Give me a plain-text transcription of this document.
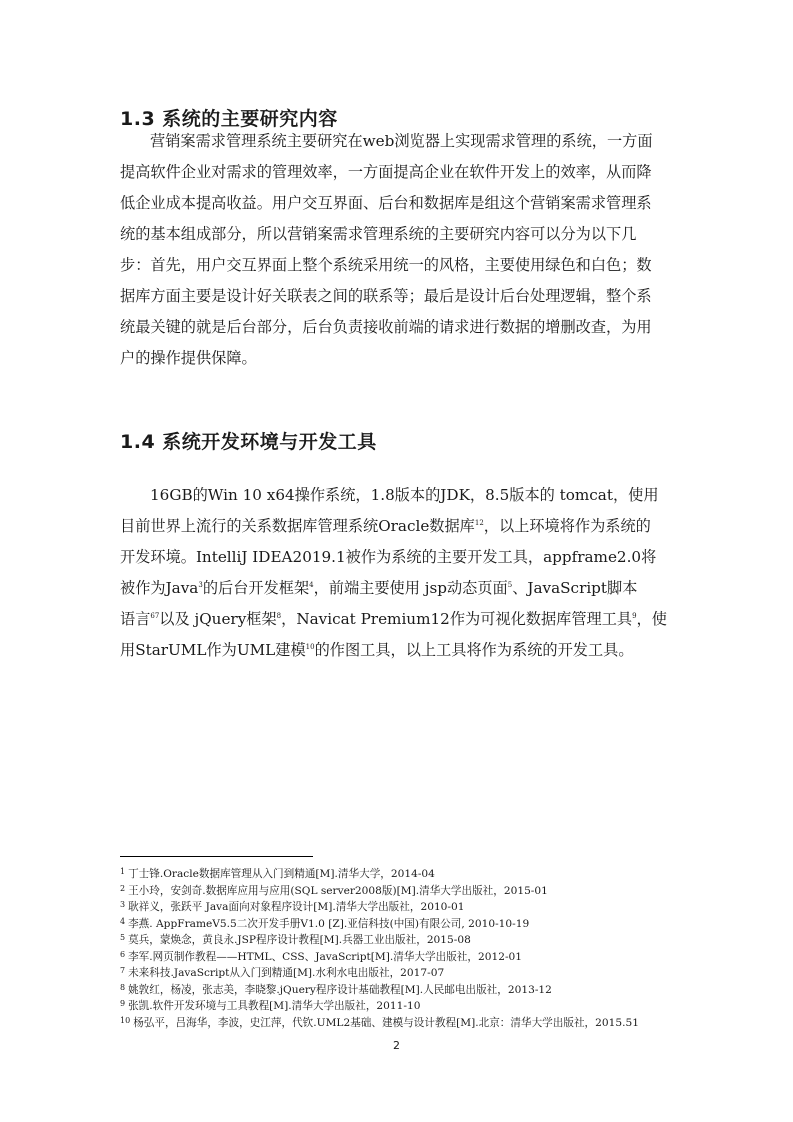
1.3 系统的主要研究内容
营销案需求管理系统主要研究在web浏览器上实现需求管理的系统，一方面
提高软件企业对需求的管理效率，一方面提高企业在软件开发上的效率，从而降
低企业成本提高收益。用户交互界面、后台和数据库是组这个营销案需求管理系
统的基本组成部分，所以营销案需求管理系统的主要研究内容可以分为以下几
步：首先，用户交互界面上整个系统采用统一的风格，主要使用绿色和白色；数
据库方面主要是设计好关联表之间的联系等；最后是设计后台处理逻辑，整个系
统最关键的就是后台部分，后台负责接收前端的请求进行数据的增删改查，为用
户的操作提供保障。
1.4 系统开发环境与开发工具
16GB的Win 10 x64操作系统，1.8版本的JDK，8.5版本的 tomcat，使用
目前世界上流行的关系数据库管理系统Oracle数据库$^{12}$，以上环境将作为系统的
开发环境。IntelliJ IDEA2019.1被作为系统的主要开发工具，appframe2.0将
被作为Java$^3$的后台开发框架$^4$，前端主要使用 jsp动态页面$^5$、JavaScript脚本
语言$^{67}$以及 jQuery框架$^8$，Navicat Premium12作为可视化数据库管理工具$^9$，使
用StarUML作为UML建模$^{10}$的作图工具，以上工具将作为系统的开发工具。
$^1$ 丁士锋.Oracle数据库管理从入门到精通[M].清华大学，2014-04
$^2$ 王小玲，安剑奇.数据库应用与应用(SQL server2008版)[M].清华大学出版社，2015-01
$^3$ 耿祥义，张跃平 Java面向对象程序设计[M].清华大学出版社，2010-01
$^4$ 李燕. AppFrameV5.5二次开发手册V1.0 [Z].亚信科技(中国)有限公司, 2010-10-19
$^5$ 莫兵，蒙焕念，黄良永.JSP程序设计教程[M].兵器工业出版社，2015-08
$^6$ 李军.网页制作教程——HTML、CSS、JavaScript[M].清华大学出版社，2012-01
$^7$ 未来科技.JavaScript从入门到精通[M].水利水电出版社，2017-07
$^8$ 姚敦红，杨凌，张志美，李晓黎.jQuery程序设计基础教程[M].人民邮电出版社，2013-12
$^9$ 张凯.软件开发环境与工具教程[M].清华大学出版社，2011-10
$^{10}$ 杨弘平，吕海华，李波，史江萍，代钦.UML2基础、建模与设计教程[M].北京：清华大学出版社，2015.51
2
